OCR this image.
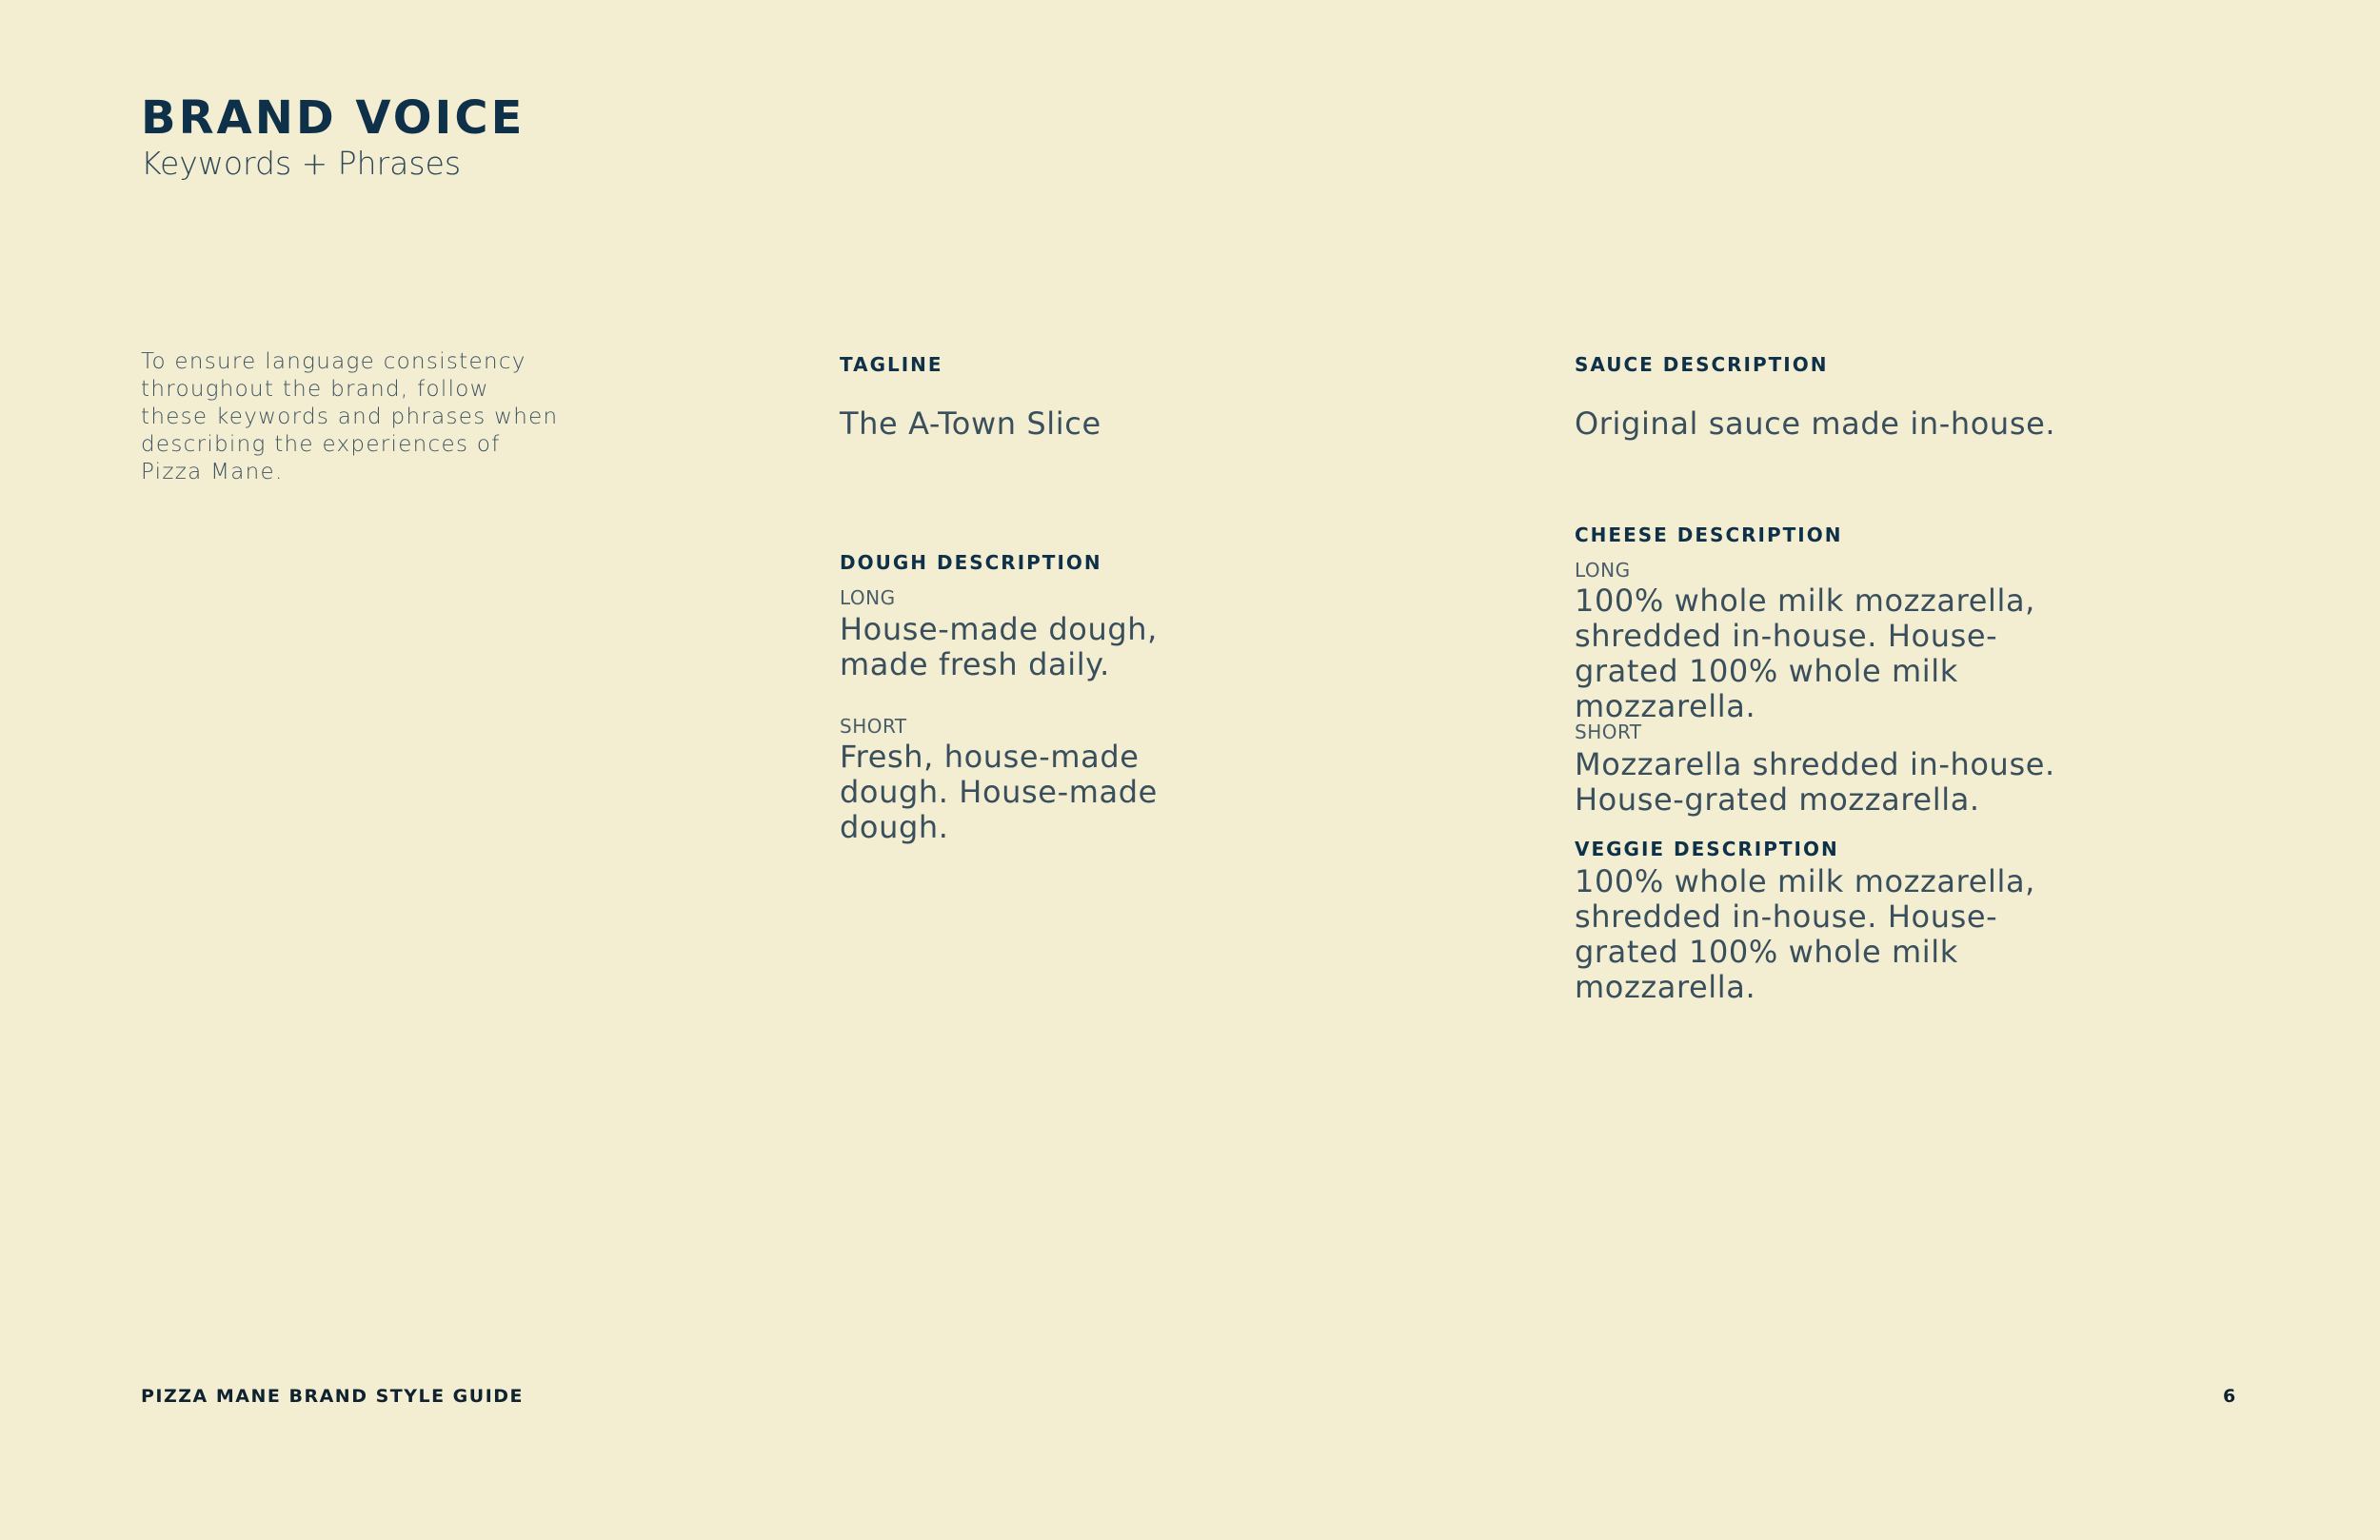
BRAND VOICE
Keywords + Phrases

To ensure language consistency throughout the brand, follow these keywords and phrases when describing the experiences of Pizza Mane.

TAGLINE

The A-Town Slice

DOUGH DESCRIPTION
LONG

House-made dough, made fresh daily.

SHORT

Fresh, house-made dough. House-made dough.

SAUCE DESCRIPTION

Original sauce made in-house.

CHEESE DESCRIPTION
LONG

100% whole milk mozzarella, shredded in-house. House-grated 100% whole milk mozzarella.

SHORT

Mozzarella shredded in-house. House-grated mozzarella.

VEGGIE DESCRIPTION

100% whole milk mozzarella, shredded in-house. House-grated 100% whole milk mozzarella.

PIZZA MANE BRAND STYLE GUIDE	6
